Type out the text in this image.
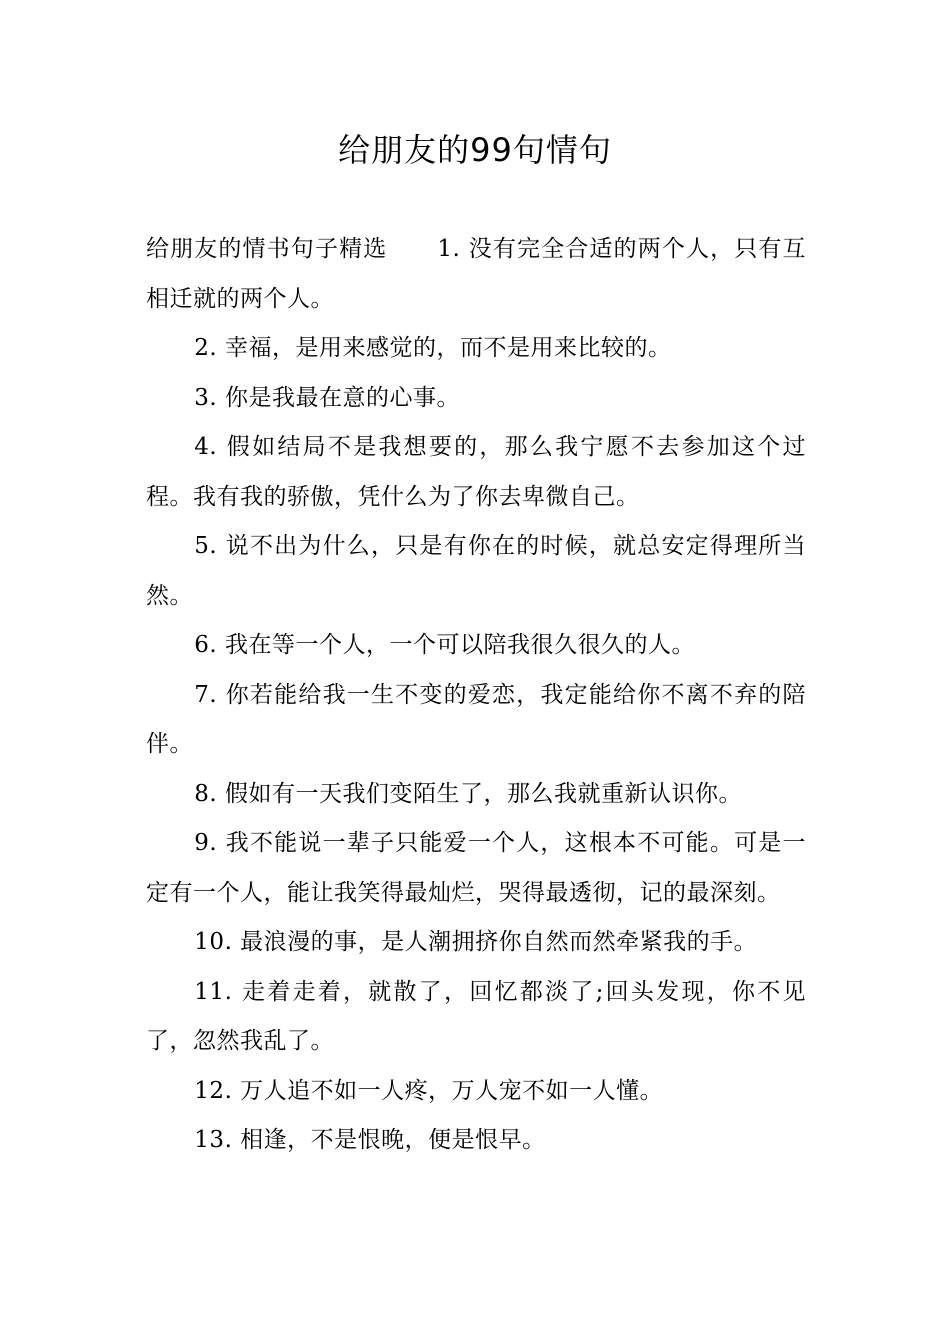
给朋友的99句情句

给朋友的情书句子精选 1. 没有完全合适的两个人，只有互相迁就的两个人。

2. 幸福，是用来感觉的，而不是用来比较的。

3. 你是我最在意的心事。

4. 假如结局不是我想要的，那么我宁愿不去参加这个过程。我有我的骄傲，凭什么为了你去卑微自己。

5. 说不出为什么，只是有你在的时候，就总安定得理所当然。

6. 我在等一个人，一个可以陪我很久很久的人。

7. 你若能给我一生不变的爱恋，我定能给你不离不弃的陪伴。

8. 假如有一天我们变陌生了，那么我就重新认识你。

9. 我不能说一辈子只能爱一个人，这根本不可能。可是一定有一个人，能让我笑得最灿烂，哭得最透彻，记的最深刻。

10. 最浪漫的事，是人潮拥挤你自然而然牵紧我的手。

11. 走着走着，就散了，回忆都淡了;回头发现，你不见了，忽然我乱了。

12. 万人追不如一人疼，万人宠不如一人懂。

13. 相逢，不是恨晚，便是恨早。
